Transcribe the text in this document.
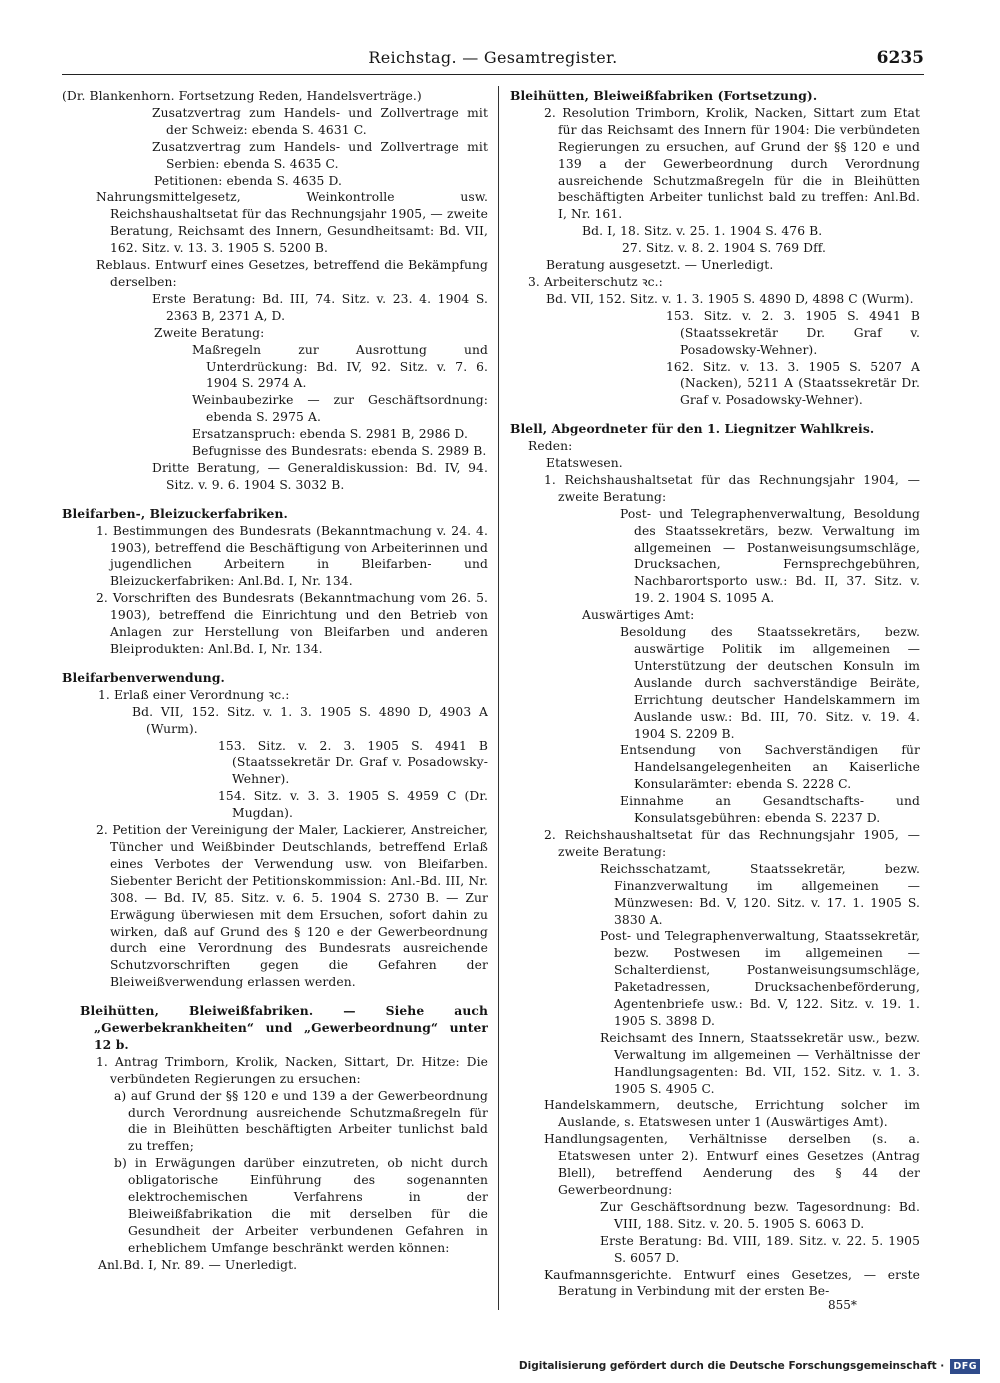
Reichstag. — Gesamtregister.	6235

(Dr. Blankenhorn. Fortsetzung Reden, Handelsverträge.)

Zusatzvertrag zum Handels- und Zollvertrage mit der Schweiz: ebenda S. 4631 C.

Zusatzvertrag zum Handels- und Zollvertrage mit Serbien: ebenda S. 4635 C.

Petitionen: ebenda S. 4635 D.

Nahrungsmittelgesetz, Weinkontrolle usw. Reichshaushaltsetat für das Rechnungsjahr 1905, — zweite Beratung, Reichsamt des Innern, Gesundheitsamt: Bd. VII, 162. Sitz. v. 13. 3. 1905 S. 5200 B.

Reblaus. Entwurf eines Gesetzes, betreffend die Bekämpfung derselben:

Erste Beratung: Bd. III, 74. Sitz. v. 23. 4. 1904 S. 2363 B, 2371 A, D.

Zweite Beratung:

Maßregeln zur Ausrottung und Unterdrückung: Bd. IV, 92. Sitz. v. 7. 6. 1904 S. 2974 A.

Weinbaubezirke — zur Geschäftsordnung: ebenda S. 2975 A.

Ersatzanspruch: ebenda S. 2981 B, 2986 D.

Befugnisse des Bundesrats: ebenda S. 2989 B.

Dritte Beratung, — Generaldiskussion: Bd. IV, 94. Sitz. v. 9. 6. 1904 S. 3032 B.

Bleifarben-, Bleizuckerfabriken.

1. Bestimmungen des Bundesrats (Bekanntmachung v. 24. 4. 1903), betreffend die Beschäftigung von Arbeiterinnen und jugendlichen Arbeitern in Bleifarben- und Bleizuckerfabriken: Anl.Bd. I, Nr. 134.

2. Vorschriften des Bundesrats (Bekanntmachung vom 26. 5. 1903), betreffend die Einrichtung und den Betrieb von Anlagen zur Herstellung von Bleifarben und anderen Bleiprodukten: Anl.Bd. I, Nr. 134.

Bleifarbenverwendung.

1. Erlaß einer Verordnung ꝛc.:

Bd. VII, 152. Sitz. v. 1. 3. 1905 S. 4890 D, 4903 A (Wurm).

153. Sitz. v. 2. 3. 1905 S. 4941 B (Staatssekretär Dr. Graf v. Posadowsky-Wehner).

154. Sitz. v. 3. 3. 1905 S. 4959 C (Dr. Mugdan).

2. Petition der Vereinigung der Maler, Lackierer, Anstreicher, Tüncher und Weißbinder Deutschlands, betreffend Erlaß eines Verbotes der Verwendung usw. von Bleifarben. Siebenter Bericht der Petitionskommission: Anl.-Bd. III, Nr. 308. — Bd. IV, 85. Sitz. v. 6. 5. 1904 S. 2730 B. — Zur Erwägung überwiesen mit dem Ersuchen, sofort dahin zu wirken, daß auf Grund des § 120 e der Gewerbeordnung durch eine Verordnung des Bundesrats ausreichende Schutzvorschriften gegen die Gefahren der Bleiweißverwendung erlassen werden.

Bleihütten, Bleiweißfabriken. — Siehe auch „Gewerbekrankheiten“ und „Gewerbeordnung“ unter 12 b.

1. Antrag Trimborn, Krolik, Nacken, Sittart, Dr. Hitze: Die verbündeten Regierungen zu ersuchen:

a) auf Grund der §§ 120 e und 139 a der Gewerbeordnung durch Verordnung ausreichende Schutzmaßregeln für die in Bleihütten beschäftigten Arbeiter tunlichst bald zu treffen;

b) in Erwägungen darüber einzutreten, ob nicht durch obligatorische Einführung des sogenannten elektrochemischen Verfahrens in der Bleiweißfabrikation die mit derselben für die Gesundheit der Arbeiter verbundenen Gefahren in erheblichem Umfange beschränkt werden können:

Anl.Bd. I, Nr. 89. — Unerledigt.

Bleihütten, Bleiweißfabriken (Fortsetzung).

2. Resolution Trimborn, Krolik, Nacken, Sittart zum Etat für das Reichsamt des Innern für 1904: Die verbündeten Regierungen zu ersuchen, auf Grund der §§ 120 e und 139 a der Gewerbeordnung durch Verordnung ausreichende Schutzmaßregeln für die in Bleihütten beschäftigten Arbeiter tunlichst bald zu treffen: Anl.Bd. I, Nr. 161.

Bd. I, 18. Sitz. v. 25. 1. 1904 S. 476 B.

27. Sitz. v. 8. 2. 1904 S. 769 Dff.

Beratung ausgesetzt. — Unerledigt.

3. Arbeiterschutz ꝛc.:

Bd. VII, 152. Sitz. v. 1. 3. 1905 S. 4890 D, 4898 C (Wurm).

153. Sitz. v. 2. 3. 1905 S. 4941 B (Staatssekretär Dr. Graf v. Posadowsky-Wehner).

162. Sitz. v. 13. 3. 1905 S. 5207 A (Nacken), 5211 A (Staatssekretär Dr. Graf v. Posadowsky-Wehner).

Blell, Abgeordneter für den 1. Liegnitzer Wahlkreis.

Reden:

Etatswesen.

1. Reichshaushaltsetat für das Rechnungsjahr 1904, — zweite Beratung:

Post- und Telegraphenverwaltung, Besoldung des Staatssekretärs, bezw. Verwaltung im allgemeinen — Postanweisungsumschläge, Drucksachen, Fernsprechgebühren, Nachbarortsporto usw.: Bd. II, 37. Sitz. v. 19. 2. 1904 S. 1095 A.

Auswärtiges Amt:

Besoldung des Staatssekretärs, bezw. auswärtige Politik im allgemeinen — Unterstützung der deutschen Konsuln im Auslande durch sachverständige Beiräte, Errichtung deutscher Handelskammern im Auslande usw.: Bd. III, 70. Sitz. v. 19. 4. 1904 S. 2209 B.

Entsendung von Sachverständigen für Handelsangelegenheiten an Kaiserliche Konsularämter: ebenda S. 2228 C.

Einnahme an Gesandtschafts- und Konsulatsgebühren: ebenda S. 2237 D.

2. Reichshaushaltsetat für das Rechnungsjahr 1905, — zweite Beratung:

Reichsschatzamt, Staatssekretär, bezw. Finanzverwaltung im allgemeinen — Münzwesen: Bd. V, 120. Sitz. v. 17. 1. 1905 S. 3830 A.

Post- und Telegraphenverwaltung, Staatssekretär, bezw. Postwesen im allgemeinen — Schalterdienst, Postanweisungsumschläge, Paketadressen, Drucksachenbeförderung, Agentenbriefe usw.: Bd. V, 122. Sitz. v. 19. 1. 1905 S. 3898 D.

Reichsamt des Innern, Staatssekretär usw., bezw. Verwaltung im allgemeinen — Verhältnisse der Handlungsagenten: Bd. VII, 152. Sitz. v. 1. 3. 1905 S. 4905 C.

Handelskammern, deutsche, Errichtung solcher im Auslande, s. Etatswesen unter 1 (Auswärtiges Amt).

Handlungsagenten, Verhältnisse derselben (s. a. Etatswesen unter 2). Entwurf eines Gesetzes (Antrag Blell), betreffend Aenderung des § 44 der Gewerbeordnung:

Zur Geschäftsordnung bezw. Tagesordnung: Bd. VIII, 188. Sitz. v. 20. 5. 1905 S. 6063 D.

Erste Beratung: Bd. VIII, 189. Sitz. v. 22. 5. 1905 S. 6057 D.

Kaufmannsgerichte. Entwurf eines Gesetzes, — erste Beratung in Verbindung mit der ersten Be-

855*
Digitalisierung gefördert durch die Deutsche Forschungsgemeinschaft · DFG
